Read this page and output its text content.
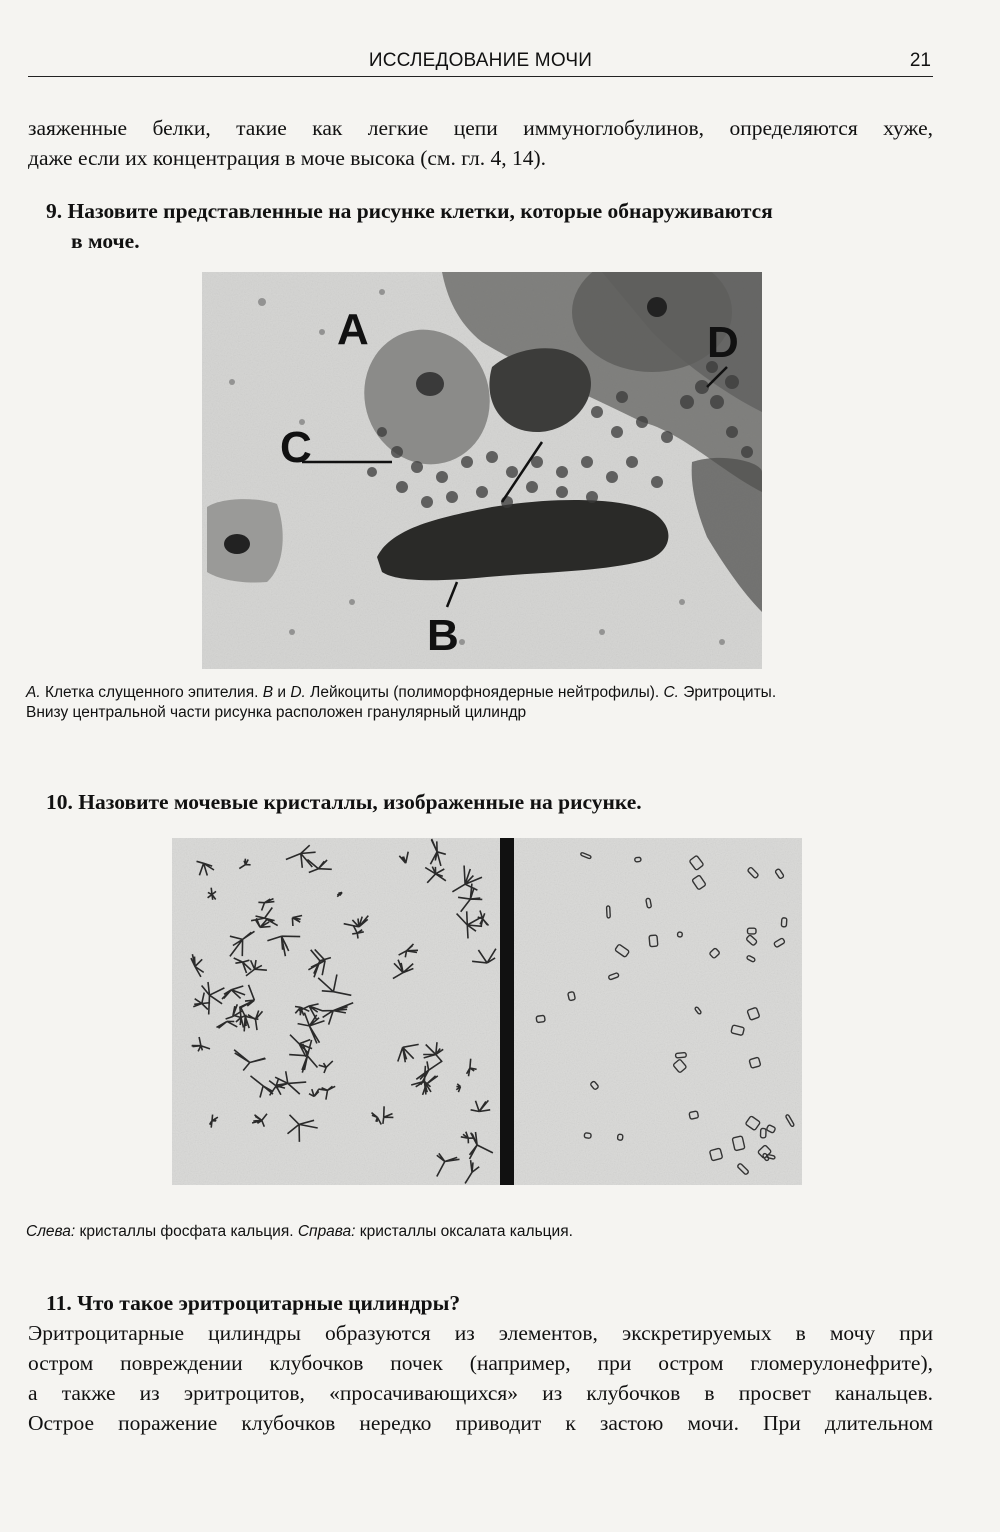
ИССЛЕДОВАНИЕ МОЧИ	21
заяженные белки, такие как легкие цепи иммуноглобулинов, определяются хуже,
даже если их концентрация в моче высока (см. гл. 4, 14).
9. Назовите представленные на рисунке клетки, которые обнаруживаются
в моче.
A
C
B
D
A. Клетка слущенного эпителия. B и D. Лейкоциты (полиморфноядерные нейтрофилы). C. Эритроциты.
Внизу центральной части рисунка расположен гранулярный цилиндр
10. Назовите мочевые кристаллы, изображенные на рисунке.
Слева: кристаллы фосфата кальция. Справа: кристаллы оксалата кальция.
11. Что такое эритроцитарные цилиндры?
Эритроцитарные цилиндры образуются из элементов, экскретируемых в мочу при
остром повреждении клубочков почек (например, при остром гломерулонефрите),
а также из эритроцитов, «просачивающихся» из клубочков в просвет канальцев.
Острое поражение клубочков нередко приводит к застою мочи. При длительном
